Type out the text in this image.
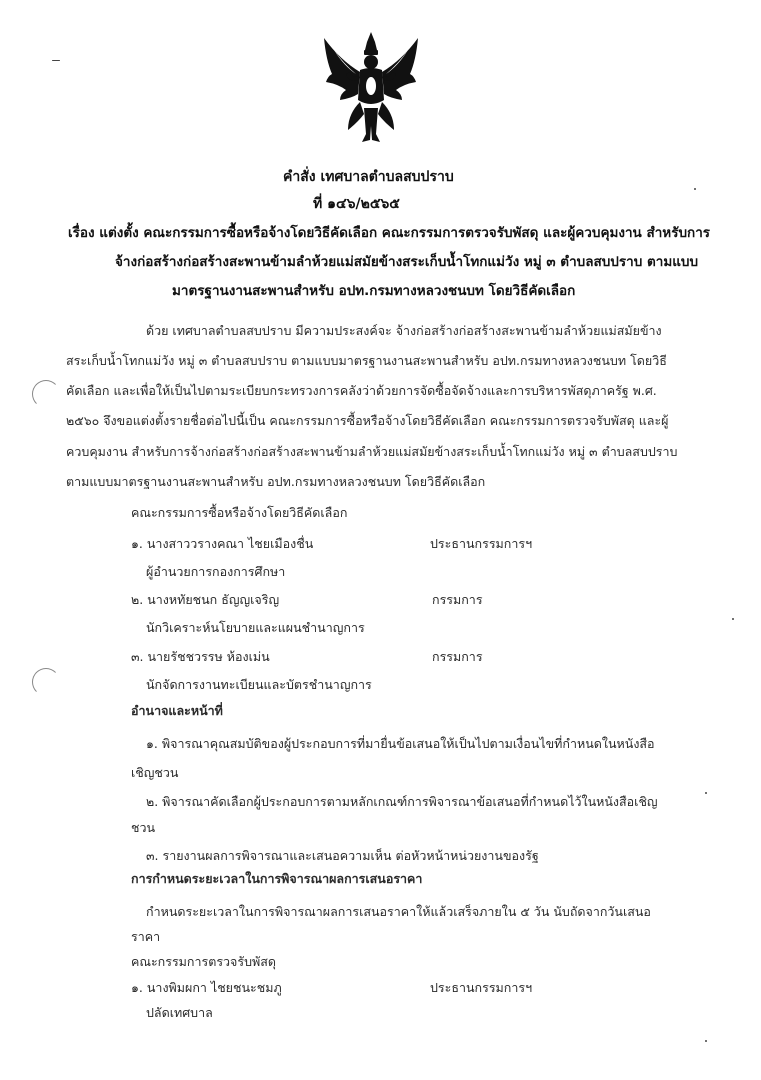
คำสั่ง เทศบาลตำบลสบปราบ
ที่ ๑๔๖/๒๕๖๕
เรื่อง แต่งตั้ง คณะกรรมการซื้อหรือจ้างโดยวิธีคัดเลือก คณะกรรมการตรวจรับพัสดุ และผู้ควบคุมงาน สำหรับการ
จ้างก่อสร้างก่อสร้างสะพานข้ามลำห้วยแม่สมัยข้างสระเก็บน้ำโทกแม่วัง หมู่ ๓ ตำบลสบปราบ ตามแบบ
มาตรฐานงานสะพานสำหรับ อปท.กรมทางหลวงชนบท โดยวิธีคัดเลือก
ด้วย เทศบาลตำบลสบปราบ มีความประสงค์จะ จ้างก่อสร้างก่อสร้างสะพานข้ามลำห้วยแม่สมัยข้าง
สระเก็บน้ำโทกแม่วัง หมู่ ๓ ตำบลสบปราบ ตามแบบมาตรฐานงานสะพานสำหรับ อปท.กรมทางหลวงชนบท โดยวิธี
คัดเลือก และเพื่อให้เป็นไปตามระเบียบกระทรวงการคลังว่าด้วยการจัดซื้อจัดจ้างและการบริหารพัสดุภาครัฐ พ.ศ.
๒๕๖๐ จึงขอแต่งตั้งรายชื่อต่อไปนี้เป็น คณะกรรมการซื้อหรือจ้างโดยวิธีคัดเลือก คณะกรรมการตรวจรับพัสดุ และผู้
ควบคุมงาน สำหรับการจ้างก่อสร้างก่อสร้างสะพานข้ามลำห้วยแม่สมัยข้างสระเก็บน้ำโทกแม่วัง หมู่ ๓ ตำบลสบปราบ
ตามแบบมาตรฐานงานสะพานสำหรับ อปท.กรมทางหลวงชนบท โดยวิธีคัดเลือก
คณะกรรมการซื้อหรือจ้างโดยวิธีคัดเลือก
๑. นางสาววรางคณา ไชยเมืองชื่น	ประธานกรรมการฯ
ผู้อำนวยการกองการศึกษา
๒. นางหทัยชนก ธัญญเจริญ	กรรมการ
นักวิเคราะห์นโยบายและแผนชำนาญการ
๓. นายรัชชวรรษ ห้องเม่น	กรรมการ
นักจัดการงานทะเบียนและบัตรชำนาญการ
อำนาจและหน้าที่
๑. พิจารณาคุณสมบัติของผู้ประกอบการที่มายื่นข้อเสนอให้เป็นไปตามเงื่อนไขที่กำหนดในหนังสือ
เชิญชวน
๒. พิจารณาคัดเลือกผู้ประกอบการตามหลักเกณฑ์การพิจารณาข้อเสนอที่กำหนดไว้ในหนังสือเชิญ
ชวน
๓. รายงานผลการพิจารณาและเสนอความเห็น ต่อหัวหน้าหน่วยงานของรัฐ
การกำหนดระยะเวลาในการพิจารณาผลการเสนอราคา
กำหนดระยะเวลาในการพิจารณาผลการเสนอราคาให้แล้วเสร็จภายใน ๕ วัน นับถัดจากวันเสนอ
ราคา
คณะกรรมการตรวจรับพัสดุ
๑. นางพิมผกา ไชยชนะชมภู	ประธานกรรมการฯ
ปลัดเทศบาล
